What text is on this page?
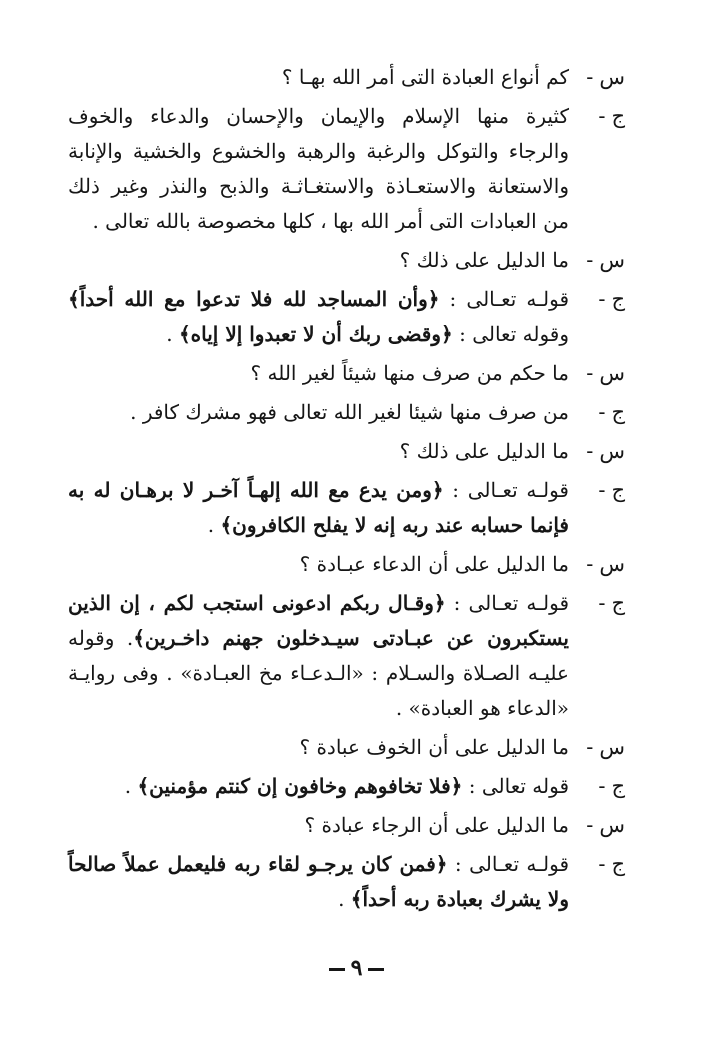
س-
كم أنواع العبادة التى أمر الله بهـا ؟
ج-
كثيرة منها الإسلام والإيمان والإحسان والدعاء والخوف والرجاء والتوكل والرغبة والرهبة والخشوع والخشية والإنابة والاستعانة والاستعـاذة والاستغـاثـة والذبح والنذر وغير ذلك من العبادات التى أمر الله بها ، كلها مخصوصة بالله تعالى .
س-
ما الدليل على ذلك ؟
ج-
قولـه تعـالى : ﴿وأن المساجد لله فلا تدعوا مع الله أحداً﴾ وقوله تعالى : ﴿وقضى ربك أن لا تعبدوا إلا إياه﴾ .
س-
ما حكم من صرف منها شيئاً لغير الله ؟
ج-
من صرف منها شيئا لغير الله تعالى فهو مشرك كافر .
س-
ما الدليل على ذلك ؟
ج-
قولـه تعـالى : ﴿ومن يدع مع الله إلهـاً آخـر لا برهـان له به فإنما حسابه عند ربه إنه لا يفلح الكافرون﴾ .
س-
ما الدليل على أن الدعاء عبـادة ؟
ج-
قولـه تعـالى : ﴿وقـال ربكم ادعونى استجب لكم ، إن الذين يستكبرون عن عبـادتى سيـدخلون جهنم داخـرين﴾. وقوله عليـه الصـلاة والسـلام : «الـدعـاء مخ العبـادة» . وفى روايـة «الدعاء هو العبادة» .
س-
ما الدليل على أن الخوف عبادة ؟
ج-
قوله تعالى : ﴿فلا تخافوهم وخافون إن كنتم مؤمنين﴾ .
س-
ما الدليل على أن الرجاء عبادة ؟
ج-
قولـه تعـالى : ﴿فمن كان يرجـو لقاء ربه فليعمل عملاً صالحاً ولا يشرك بعبادة ربه أحداً﴾ .
٩
